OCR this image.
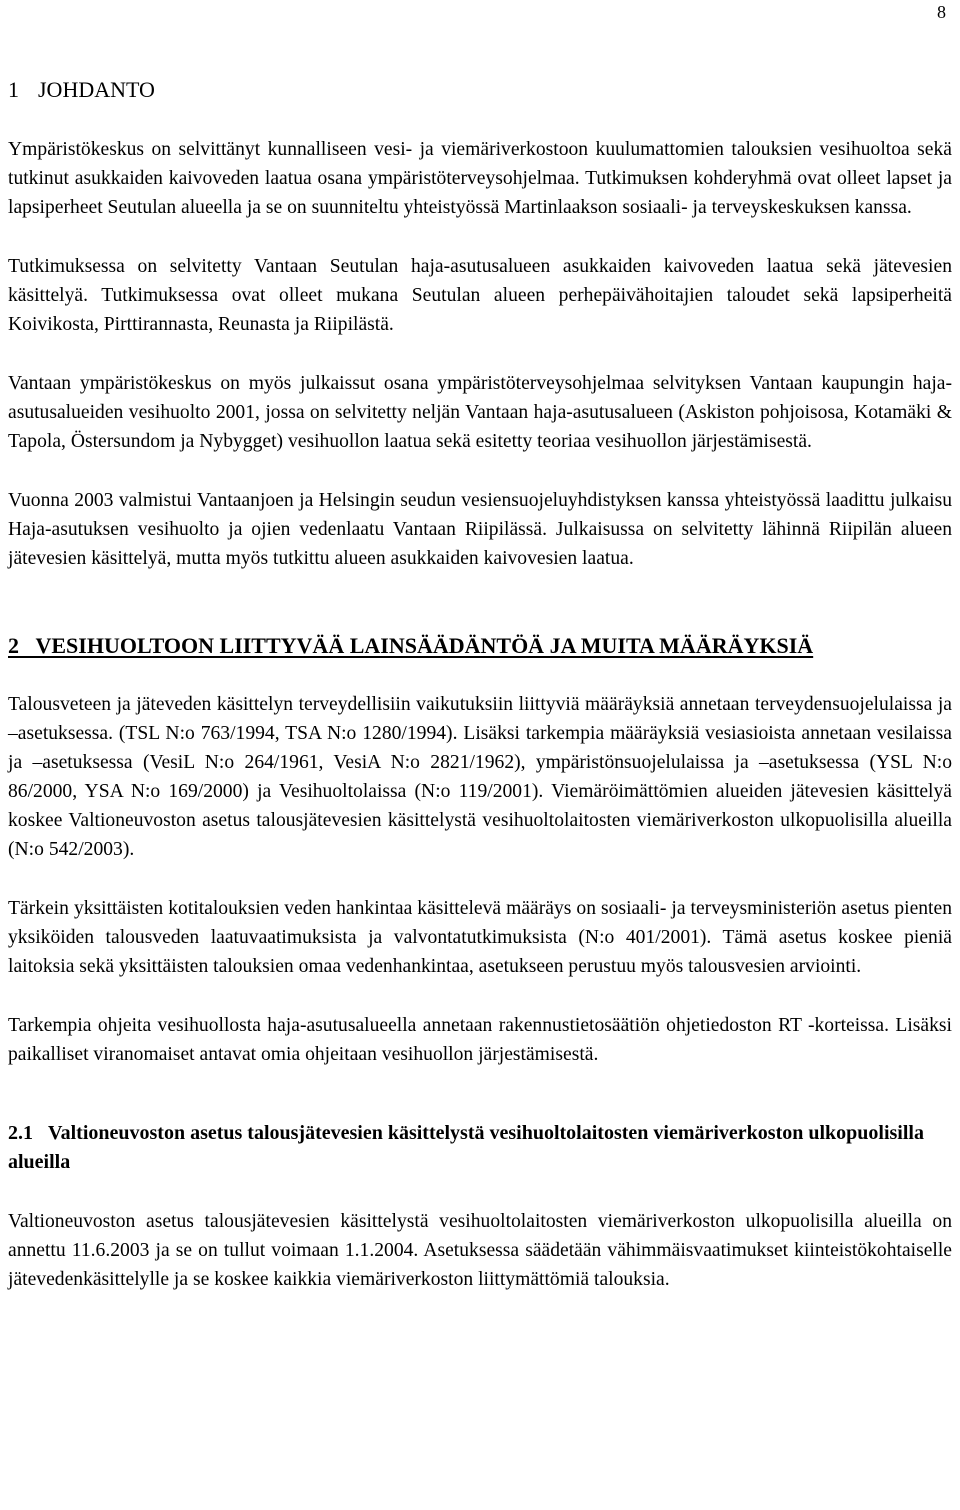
8
1 JOHDANTO

Ympäristökeskus on selvittänyt kunnalliseen vesi- ja viemäriverkostoon kuulumattomien talouksien vesihuoltoa sekä tutkinut asukkaiden kaivoveden laatua osana ympäristöterveysohjelmaa. Tutkimuksen kohderyhmä ovat olleet lapset ja lapsiperheet Seutulan alueella ja se on suunniteltu yhteistyössä Martinlaakson sosiaali- ja terveyskeskuksen kanssa.

Tutkimuksessa on selvitetty Vantaan Seutulan haja-asutusalueen asukkaiden kaivoveden laatua sekä jätevesien käsittelyä. Tutkimuksessa ovat olleet mukana Seutulan alueen perhepäivähoitajien taloudet sekä lapsiperheitä Koivikosta, Pirttirannasta, Reunasta ja Riipilästä.

Vantaan ympäristökeskus on myös julkaissut osana ympäristöterveysohjelmaa selvityksen Vantaan kaupungin haja-asutusalueiden vesihuolto 2001, jossa on selvitetty neljän Vantaan haja-asutusalueen (Askiston pohjoisosa, Kotamäki & Tapola, Östersundom ja Nybygget) vesihuollon laatua sekä esitetty teoriaa vesihuollon järjestämisestä.

Vuonna 2003 valmistui Vantaanjoen ja Helsingin seudun vesiensuojeluyhdistyksen kanssa yhteistyössä laadittu julkaisu Haja-asutuksen vesihuolto ja ojien vedenlaatu Vantaan Riipilässä. Julkaisussa on selvitetty lähinnä Riipilän alueen jätevesien käsittelyä, mutta myös tutkittu alueen asukkaiden kaivovesien laatua.

2 VESIHUOLTOON LIITTYVÄÄ LAINSÄÄDÄNTÖÄ JA MUITA MÄÄRÄYKSIÄ

Talousveteen ja jäteveden käsittelyn terveydellisiin vaikutuksiin liittyviä määräyksiä annetaan terveydensuojelulaissa ja –asetuksessa. (TSL N:o 763/1994, TSA N:o 1280/1994). Lisäksi tarkempia määräyksiä vesiasioista annetaan vesilaissa ja –asetuksessa (VesiL N:o 264/1961, VesiA N:o 2821/1962), ympäristönsuojelulaissa ja –asetuksessa (YSL N:o 86/2000, YSA N:o 169/2000) ja Vesihuoltolaissa (N:o 119/2001). Viemäröimättömien alueiden jätevesien käsittelyä koskee Valtioneuvoston asetus talousjätevesien käsittelystä vesihuoltolaitosten viemäriverkoston ulkopuolisilla alueilla (N:o 542/2003).

Tärkein yksittäisten kotitalouksien veden hankintaa käsittelevä määräys on sosiaali- ja terveysministeriön asetus pienten yksiköiden talousveden laatuvaatimuksista ja valvontatutkimuksista (N:o 401/2001). Tämä asetus koskee pieniä laitoksia sekä yksittäisten talouksien omaa vedenhankintaa, asetukseen perustuu myös talousvesien arviointi.

Tarkempia ohjeita vesihuollosta haja-asutusalueella annetaan rakennustietosäätiön ohjetiedoston RT -korteissa. Lisäksi paikalliset viranomaiset antavat omia ohjeitaan vesihuollon järjestämisestä.

2.1 Valtioneuvoston asetus talousjätevesien käsittelystä vesihuoltolaitosten viemäriverkoston ulkopuolisilla alueilla

Valtioneuvoston asetus talousjätevesien käsittelystä vesihuoltolaitosten viemäriverkoston ulkopuolisilla alueilla on annettu 11.6.2003 ja se on tullut voimaan 1.1.2004. Asetuksessa säädetään vähimmäisvaatimukset kiinteistökohtaiselle jätevedenkäsittelylle ja se koskee kaikkia viemäriverkoston liittymättömiä talouksia.
